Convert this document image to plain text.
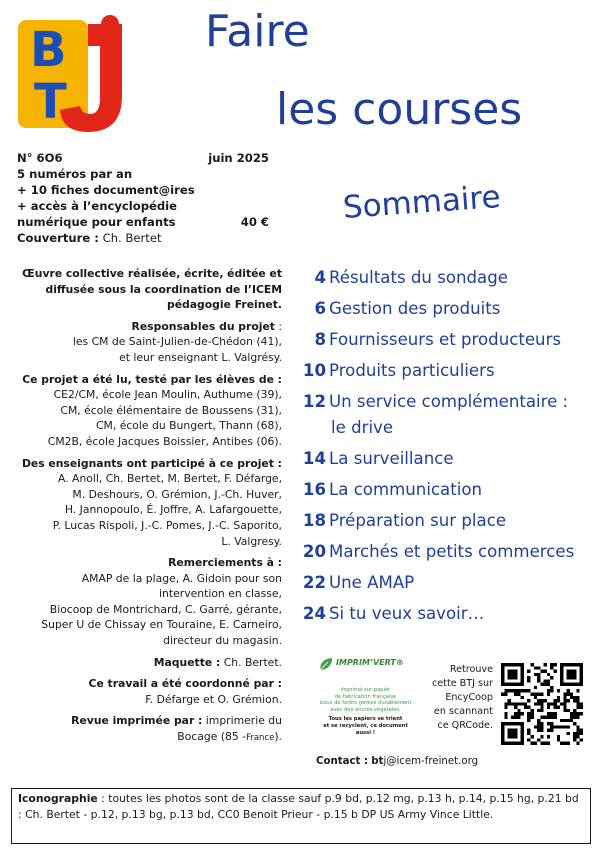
B
T
Faire
les courses
N° 6O6	juin 2025
5 numéros par an
+ 10 fiches document@ires
+ accès à l’encyclopédie
numérique pour enfants	40 €
Couverture : Ch. Bertet

Œuvre collective réalisée, écrite, éditée et diffusée sous la coordination de l’ICEM pédagogie Freinet.

Responsables du projet :
les CM de Saint-Julien-de-Chédon (41),
et leur enseignant L. Valgrésy.

Ce projet a été lu, testé par les élèves de :
CE2/CM, école Jean Moulin, Authume (39),
CM, école élémentaire de Boussens (31),
CM, école du Bungert, Thann (68),
CM2B, école Jacques Boissier, Antibes (06).

Des enseignants ont participé à ce projet :
A. Anoll, Ch. Bertet, M. Bertet, F. Défarge,
M. Deshours, O. Grémion, J.-Ch. Huver,
H. Jannopoulo, É. Joffre, A. Lafargouette,
P. Lucas Rispoli, J.-C. Pomes, J.-C. Saporito,
L. Valgresy.

Remerciements à :
AMAP de la plage, A. Gidoin pour son
intervention en classe,
Biocoop de Montrichard, C. Garré, gérante,
Super U de Chissay en Touraine, E. Carneiro,
directeur du magasin.

Maquette : Ch. Bertet.

Ce travail a été coordonné par :
F. Défarge et O. Grémion.

Revue imprimée par : imprimerie du
Bocage (85 -France).

Sommaire
4 Résultats du sondage
6 Gestion des produits
8 Fournisseurs et producteurs
10 Produits particuliers
12 Un service complémentaire :
le drive
14 La surveillance
16 La communication
18 Préparation sur place
20 Marchés et petits commerces
22 Une AMAP
24 Si tu veux savoir…
IMPRIM’VERT®
Imprimé sur papier
de fabrication française
issus de forêts gérées durablement
avec des encres végétales.
Tous les papiers se trient
et se recyclent, ce document aussi !
Retrouve
cette BTJ sur
EncyCoop
en scannant
ce QRCode.
Contact : btj@icem-freinet.org
Iconographie : toutes les photos sont de la classe sauf p.9 bd, p.12 mg, p.13 h, p.14, p.15 hg, p.21 bd : Ch. Bertet - p.12, p.13 bg, p.13 bd, CC0 Benoit Prieur - p.15 b DP US Army Vince Little.
